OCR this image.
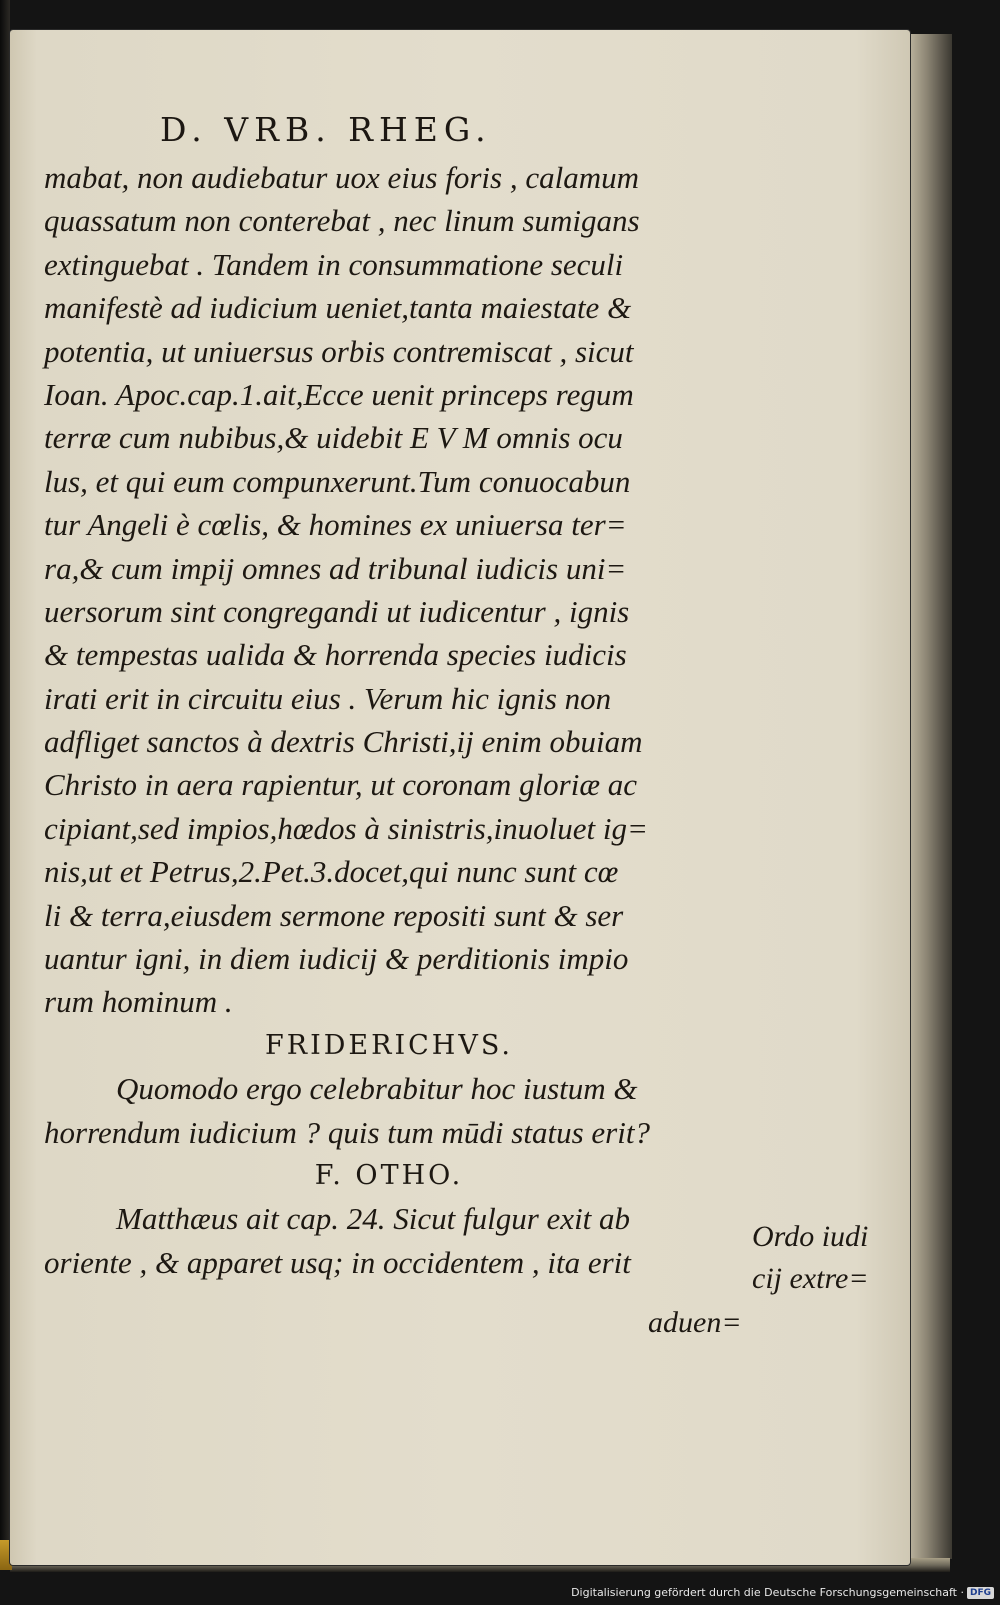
D. VRB. RHEG.
mabat, non audiebatur uox eius foris , calamum
quassatum non conterebat , nec linum sumigans
extinguebat . Tandem in consummatione seculi
manifestè ad iudicium ueniet,tanta maiestate &
potentia, ut uniuersus orbis contremiscat , sicut
Ioan. Apoc.cap.1.ait,Ecce uenit princeps regum
terræ cum nubibus,& uidebit E V M omnis ocu
lus, et qui eum compunxerunt.Tum conuocabun
tur Angeli è cœlis, & homines ex uniuersa ter=
ra,& cum impij omnes ad tribunal iudicis uni=
uersorum sint congregandi ut iudicentur , ignis
& tempestas ualida & horrenda species iudicis
irati erit in circuitu eius . Verum hic ignis non
adfliget sanctos à dextris Christi,ij enim obuiam
Christo in aera rapientur, ut coronam gloriæ ac
cipiant,sed impios,hœdos à sinistris,inuoluet ig=
nis,ut et Petrus,2.Pet.3.docet,qui nunc sunt cœ
li & terra,eiusdem sermone repositi sunt & ser
uantur igni, in diem iudicij & perditionis impio
rum hominum .
FRIDERICHVS.
Quomodo ergo celebrabitur hoc iustum &
horrendum iudicium ? quis tum mūdi status erit?
F. OTHO.
Matthæus ait cap. 24. Sicut fulgur exit ab
oriente , & apparet usq; in occidentem , ita erit
Ordo iudi
cij extre=
aduen=
Digitalisierung gefördert durch die Deutsche Forschungsgemeinschaft · DFG
